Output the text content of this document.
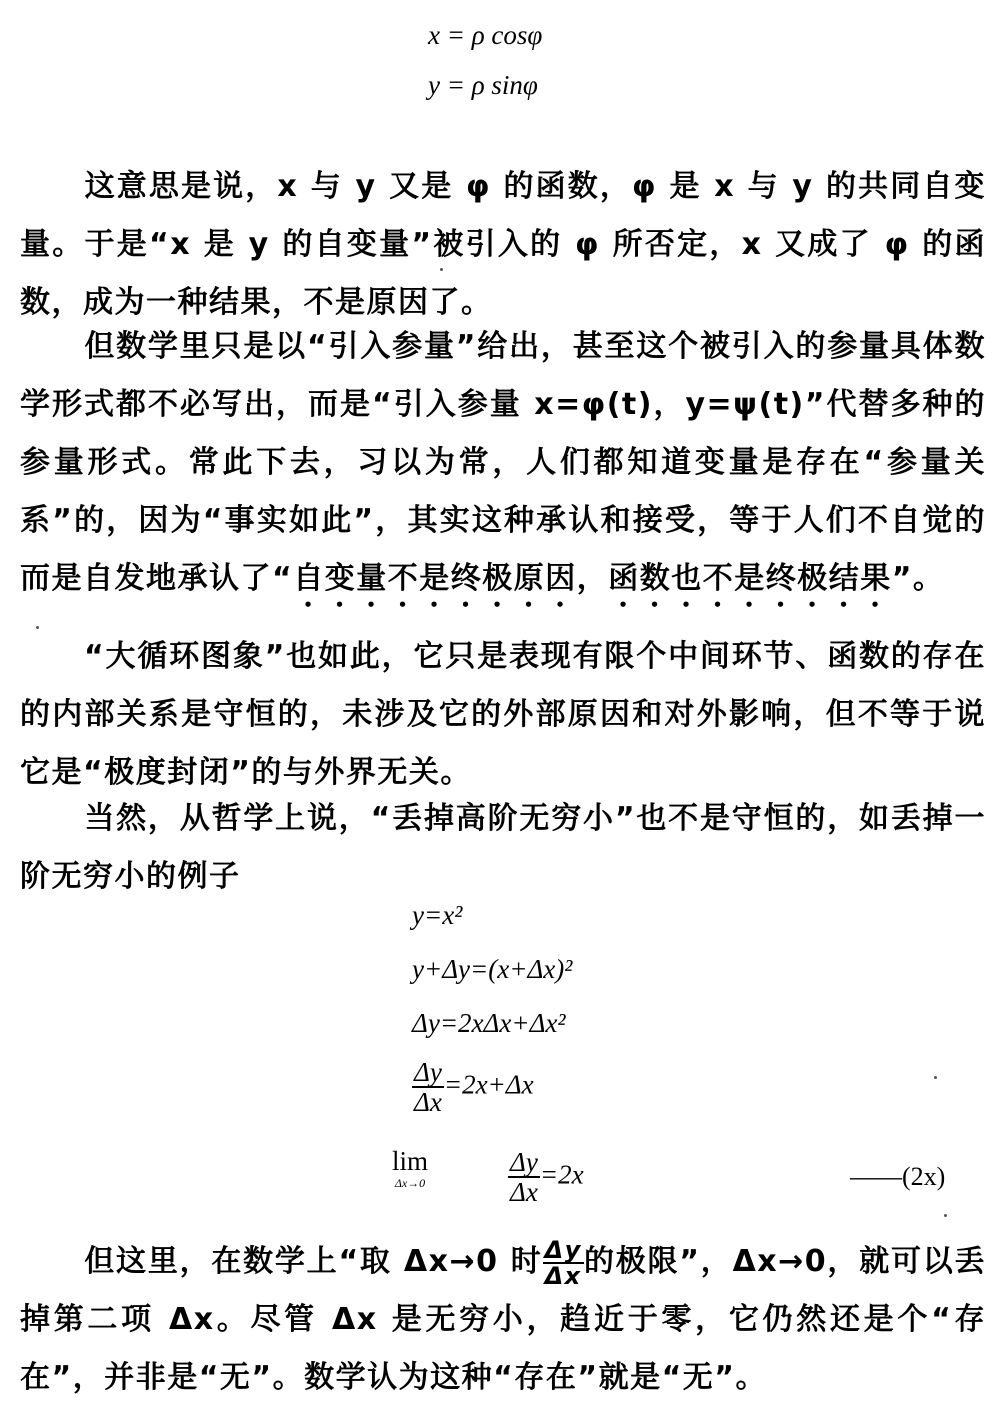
x = ρ cosφ
y = ρ sinφ

这意思是说，x 与 y 又是 φ 的函数，φ 是 x 与 y 的共同自变量。于是“x 是 y 的自变量”被引入的 φ 所否定，x 又成了 φ 的函数，成为一种结果，不是原因了。

但数学里只是以“引入参量”给出，甚至这个被引入的参量具体数学形式都不必写出，而是“引入参量 x=φ(t)，y=ψ(t)”代替多种的参量形式。常此下去，习以为常，人们都知道变量是存在“参量关系”的，因为“事实如此”，其实这种承认和接受，等于人们不自觉的而是自发地承认了“自变量不是终极原因，函数也不是终极结果”。

“大循环图象”也如此，它只是表现有限个中间环节、函数的存在的内部关系是守恒的，未涉及它的外部原因和对外影响，但不等于说它是“极度封闭”的与外界无关。

当然，从哲学上说，“丢掉高阶无穷小”也不是守恒的，如丢掉一阶无穷小的例子

y=x²
y+Δy=(x+Δx)²
Δy=2xΔx+Δx²
$\frac{\Delta y}{\Delta x} =2x+\Delta x$
lim
Δx→0	$\frac{\Delta y}{\Delta x} =2x$	——(2x)

但这里，在数学上“取 Δx→0 时 $\frac{\Delta y}{\Delta x}$ 的极限”，Δx→0，就可以丢掉第二项 Δx。尽管 Δx 是无穷小，趋近于零，它仍然还是个“存在”，并非是“无”。数学认为这种“存在”就是“无”。
